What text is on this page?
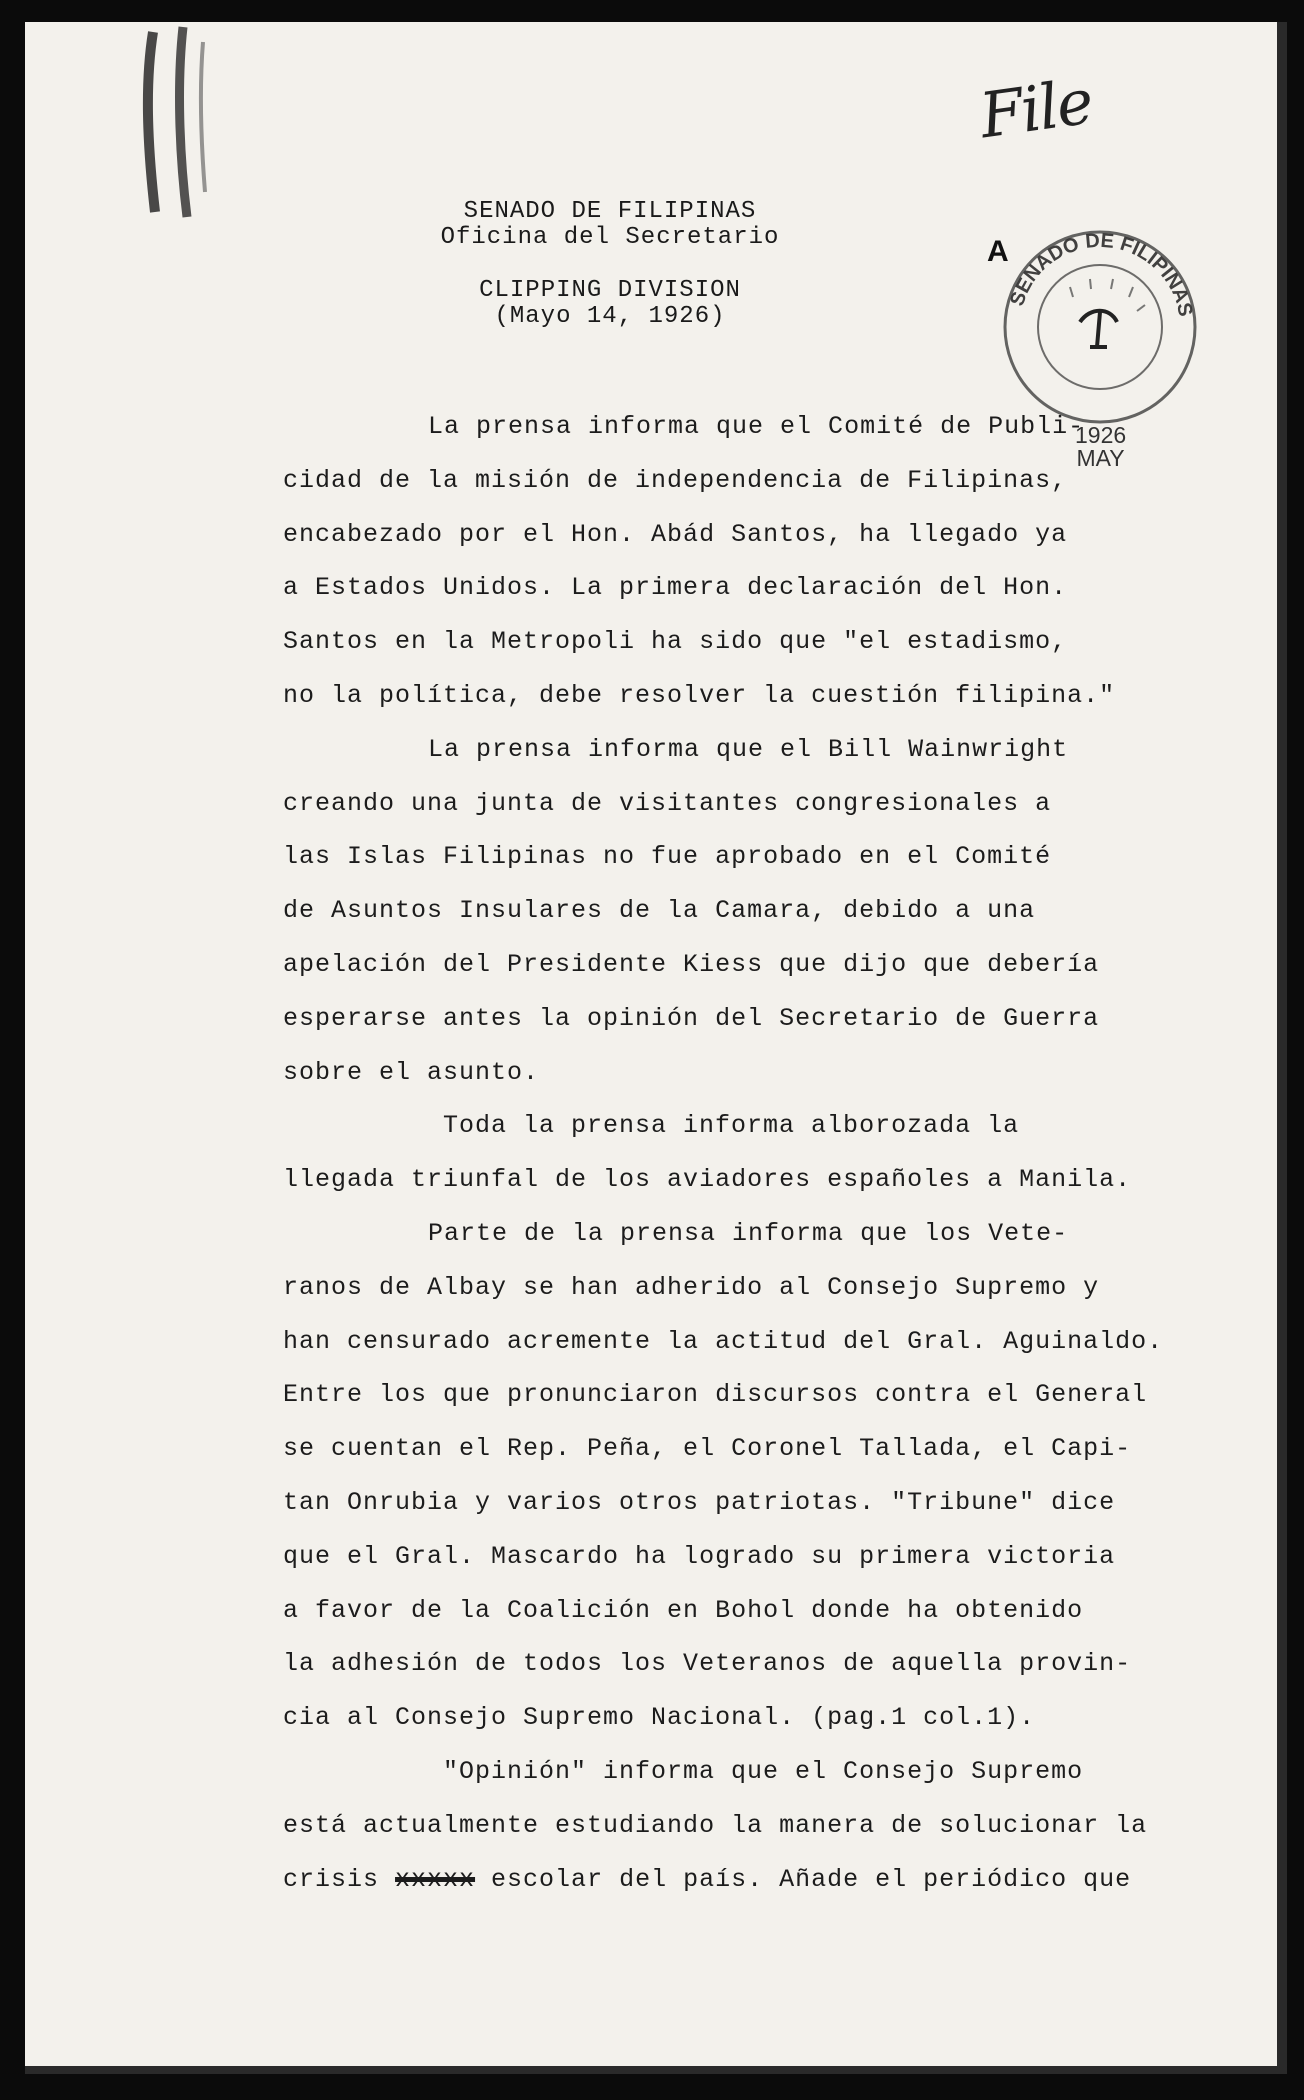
File
A
SENADO DE FILIPINAS
1926
MAY
SENADO DE FILIPINAS
Oficina del Secretario
CLIPPING DIVISION
(Mayo 14, 1926)
La prensa informa que el Comité de Publi-
cidad de la misión de independencia de Filipinas,
encabezado por el Hon. Abád Santos, ha llegado ya
a Estados Unidos. La primera declaración del Hon.
Santos en la Metropoli ha sido que "el estadismo,
no la política, debe resolver la cuestión filipina."
La prensa informa que el Bill Wainwright
creando una junta de visitantes congresionales a
las Islas Filipinas no fue aprobado en el Comité
de Asuntos Insulares de la Camara, debido a una
apelación del Presidente Kiess que dijo que debería
esperarse antes la opinión del Secretario de Guerra
sobre el asunto.
Toda la prensa informa alborozada la
llegada triunfal de los aviadores españoles a Manila.
Parte de la prensa informa que los Vete-
ranos de Albay se han adherido al Consejo Supremo y
han censurado acremente la actitud del Gral. Aguinaldo.
Entre los que pronunciaron discursos contra el General
se cuentan el Rep. Peña, el Coronel Tallada, el Capi-
tan Onrubia y varios otros patriotas. "Tribune" dice
que el Gral. Mascardo ha logrado su primera victoria
a favor de la Coalición en Bohol donde ha obtenido
la adhesión de todos los Veteranos de aquella provin-
cia al Consejo Supremo Nacional. (pag.1 col.1).
"Opinión" informa que el Consejo Supremo
está actualmente estudiando la manera de solucionar la
crisis xxxxx escolar del país. Añade el periódico que
